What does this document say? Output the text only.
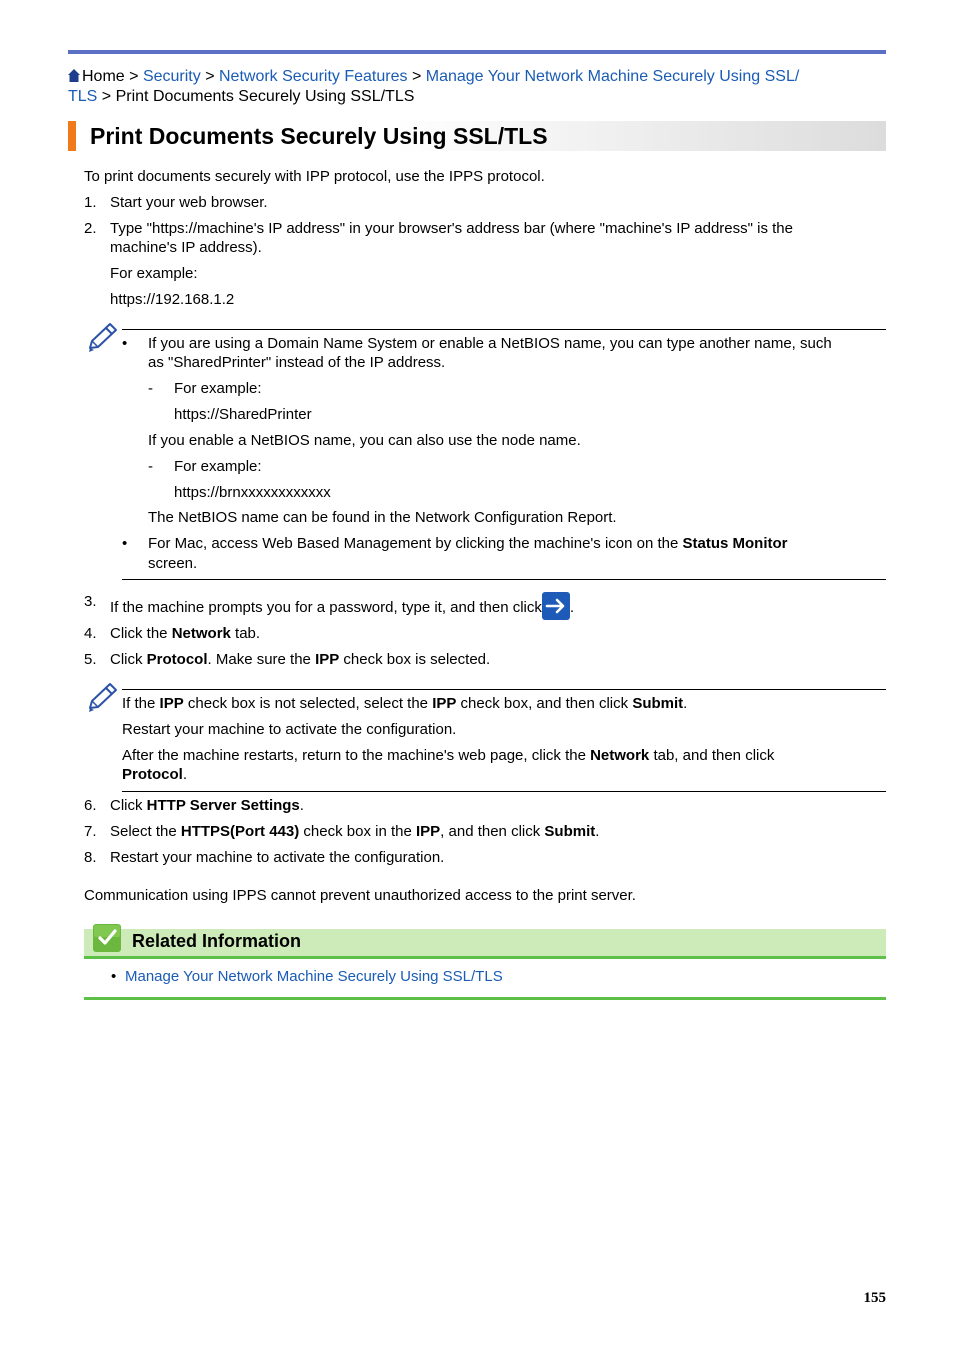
Home > Security > Network Security Features > Manage Your Network Machine Securely Using SSL/
TLS > Print Documents Securely Using SSL/TLS
Print Documents Securely Using SSL/TLS
To print documents securely with IPP protocol, use the IPPS protocol.
1. Start your web browser.
2. Type "https://machine's IP address" in your browser's address bar (where "machine's IP address" is the
machine's IP address).
For example:
https://192.168.1.2
• If you are using a Domain Name System or enable a NetBIOS name, you can type another name, such
as "SharedPrinter" instead of the IP address.
- For example:
https://SharedPrinter
If you enable a NetBIOS name, you can also use the node name.
- For example:
https://brnxxxxxxxxxxxx
The NetBIOS name can be found in the Network Configuration Report.
• For Mac, access Web Based Management by clicking the machine's icon on the Status Monitor
screen.
3. If the machine prompts you for a password, type it, and then click .
4. Click the Network tab.
5. Click Protocol. Make sure the IPP check box is selected.
If the IPP check box is not selected, select the IPP check box, and then click Submit.
Restart your machine to activate the configuration.
After the machine restarts, return to the machine's web page, click the Network tab, and then click
Protocol.
6. Click HTTP Server Settings.
7. Select the HTTPS(Port 443) check box in the IPP, and then click Submit.
8. Restart your machine to activate the configuration.
Communication using IPPS cannot prevent unauthorized access to the print server.
Related Information
• Manage Your Network Machine Securely Using SSL/TLS
155
